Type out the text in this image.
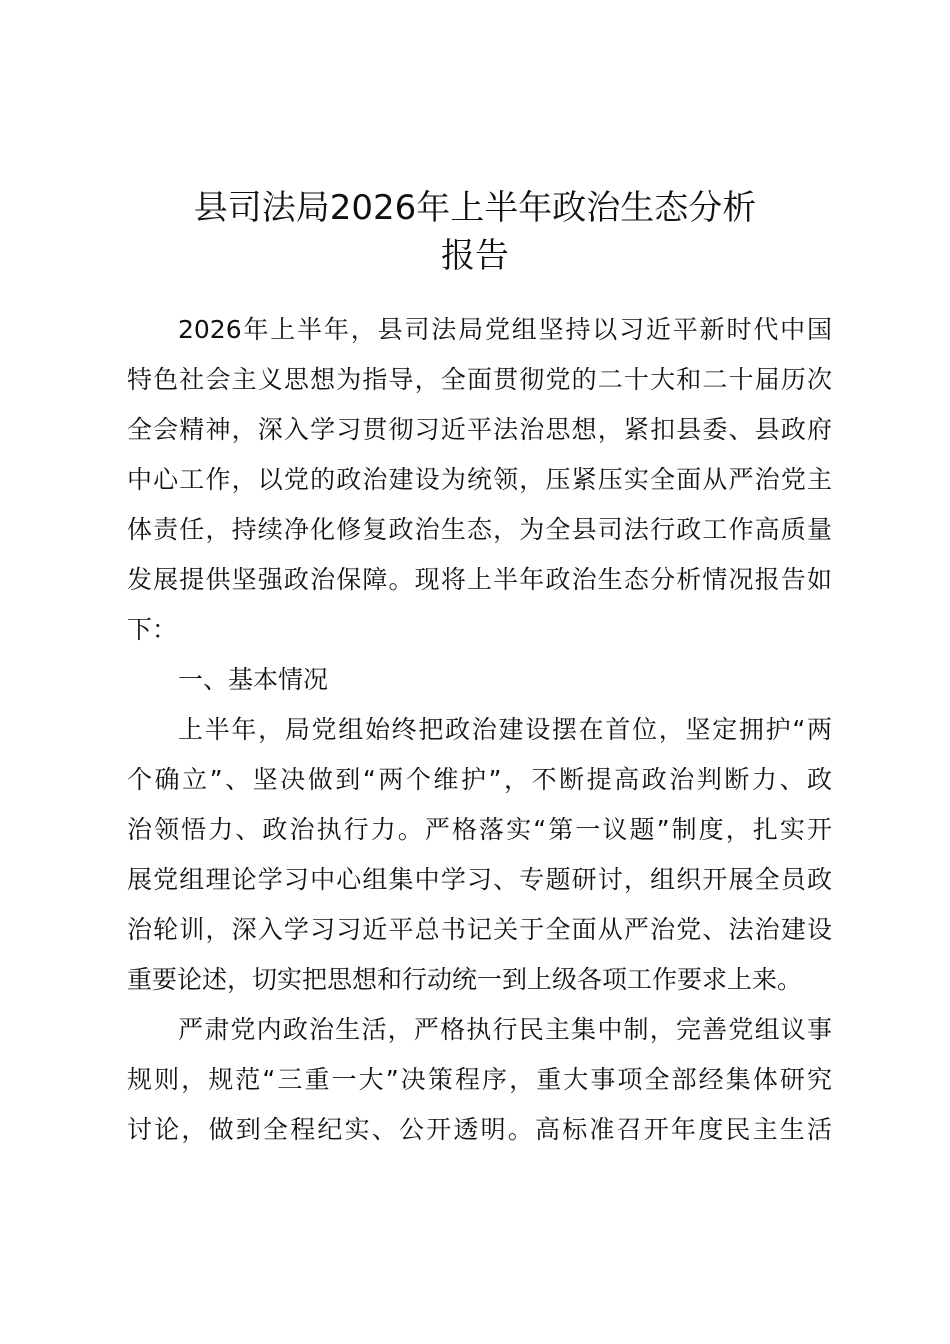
县司法局2026年上半年政治生态分析
报告
2026年上半年，县司法局党组坚持以习近平新时代中国
特色社会主义思想为指导，全面贯彻党的二十大和二十届历次
全会精神，深入学习贯彻习近平法治思想，紧扣县委、县政府
中心工作，以党的政治建设为统领，压紧压实全面从严治党主
体责任，持续净化修复政治生态，为全县司法行政工作高质量
发展提供坚强政治保障。现将上半年政治生态分析情况报告如
下：
一、基本情况
上半年，局党组始终把政治建设摆在首位，坚定拥护“两
个确立”、坚决做到“两个维护”，不断提高政治判断力、政
治领悟力、政治执行力。严格落实“第一议题”制度，扎实开
展党组理论学习中心组集中学习、专题研讨，组织开展全员政
治轮训，深入学习习近平总书记关于全面从严治党、法治建设
重要论述，切实把思想和行动统一到上级各项工作要求上来。
严肃党内政治生活，严格执行民主集中制，完善党组议事
规则，规范“三重一大”决策程序，重大事项全部经集体研究
讨论，做到全程纪实、公开透明。高标准召开年度民主生活
